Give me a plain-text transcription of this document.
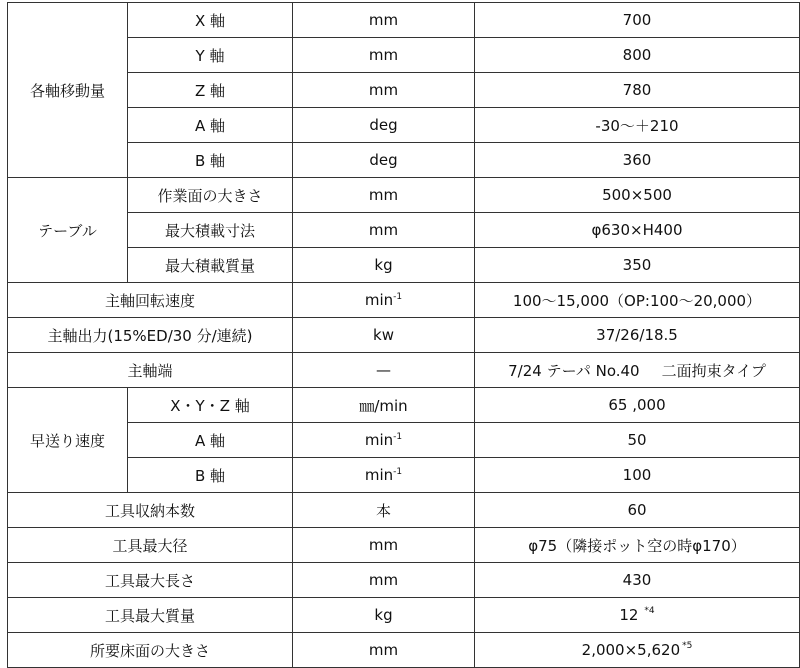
各軸移動量	X 軸	mm	700
	Y 軸	mm	800
	Z 軸	mm	780
	A 軸	deg	-30～＋210
	B 軸	deg	360
テーブル	作業面の大きさ	mm	500×500
	最大積載寸法	mm	φ630×H400
	最大積載質量	kg	350
主軸回転速度		$\min^{-1}$	100～15,000（OP:100～20,000）
主軸出力(15%ED/30 分/連続)		kw	37/26/18.5
主軸端		—	7/24 テーパ No.40 二面拘束タイプ
早送り速度	X・Y・Z 軸	㎜/min	65 ,000
	A 軸	$\min^{-1}$	50
	B 軸	$\min^{-1}$	100
工具収納本数		本	60
工具最大径		mm	φ75（隣接ポット空の時φ170）
工具最大長さ		mm	430
工具最大質量		kg	12 $^{*4}$
所要床面の大きさ		mm	2,000×5,620 $^{*5}$
